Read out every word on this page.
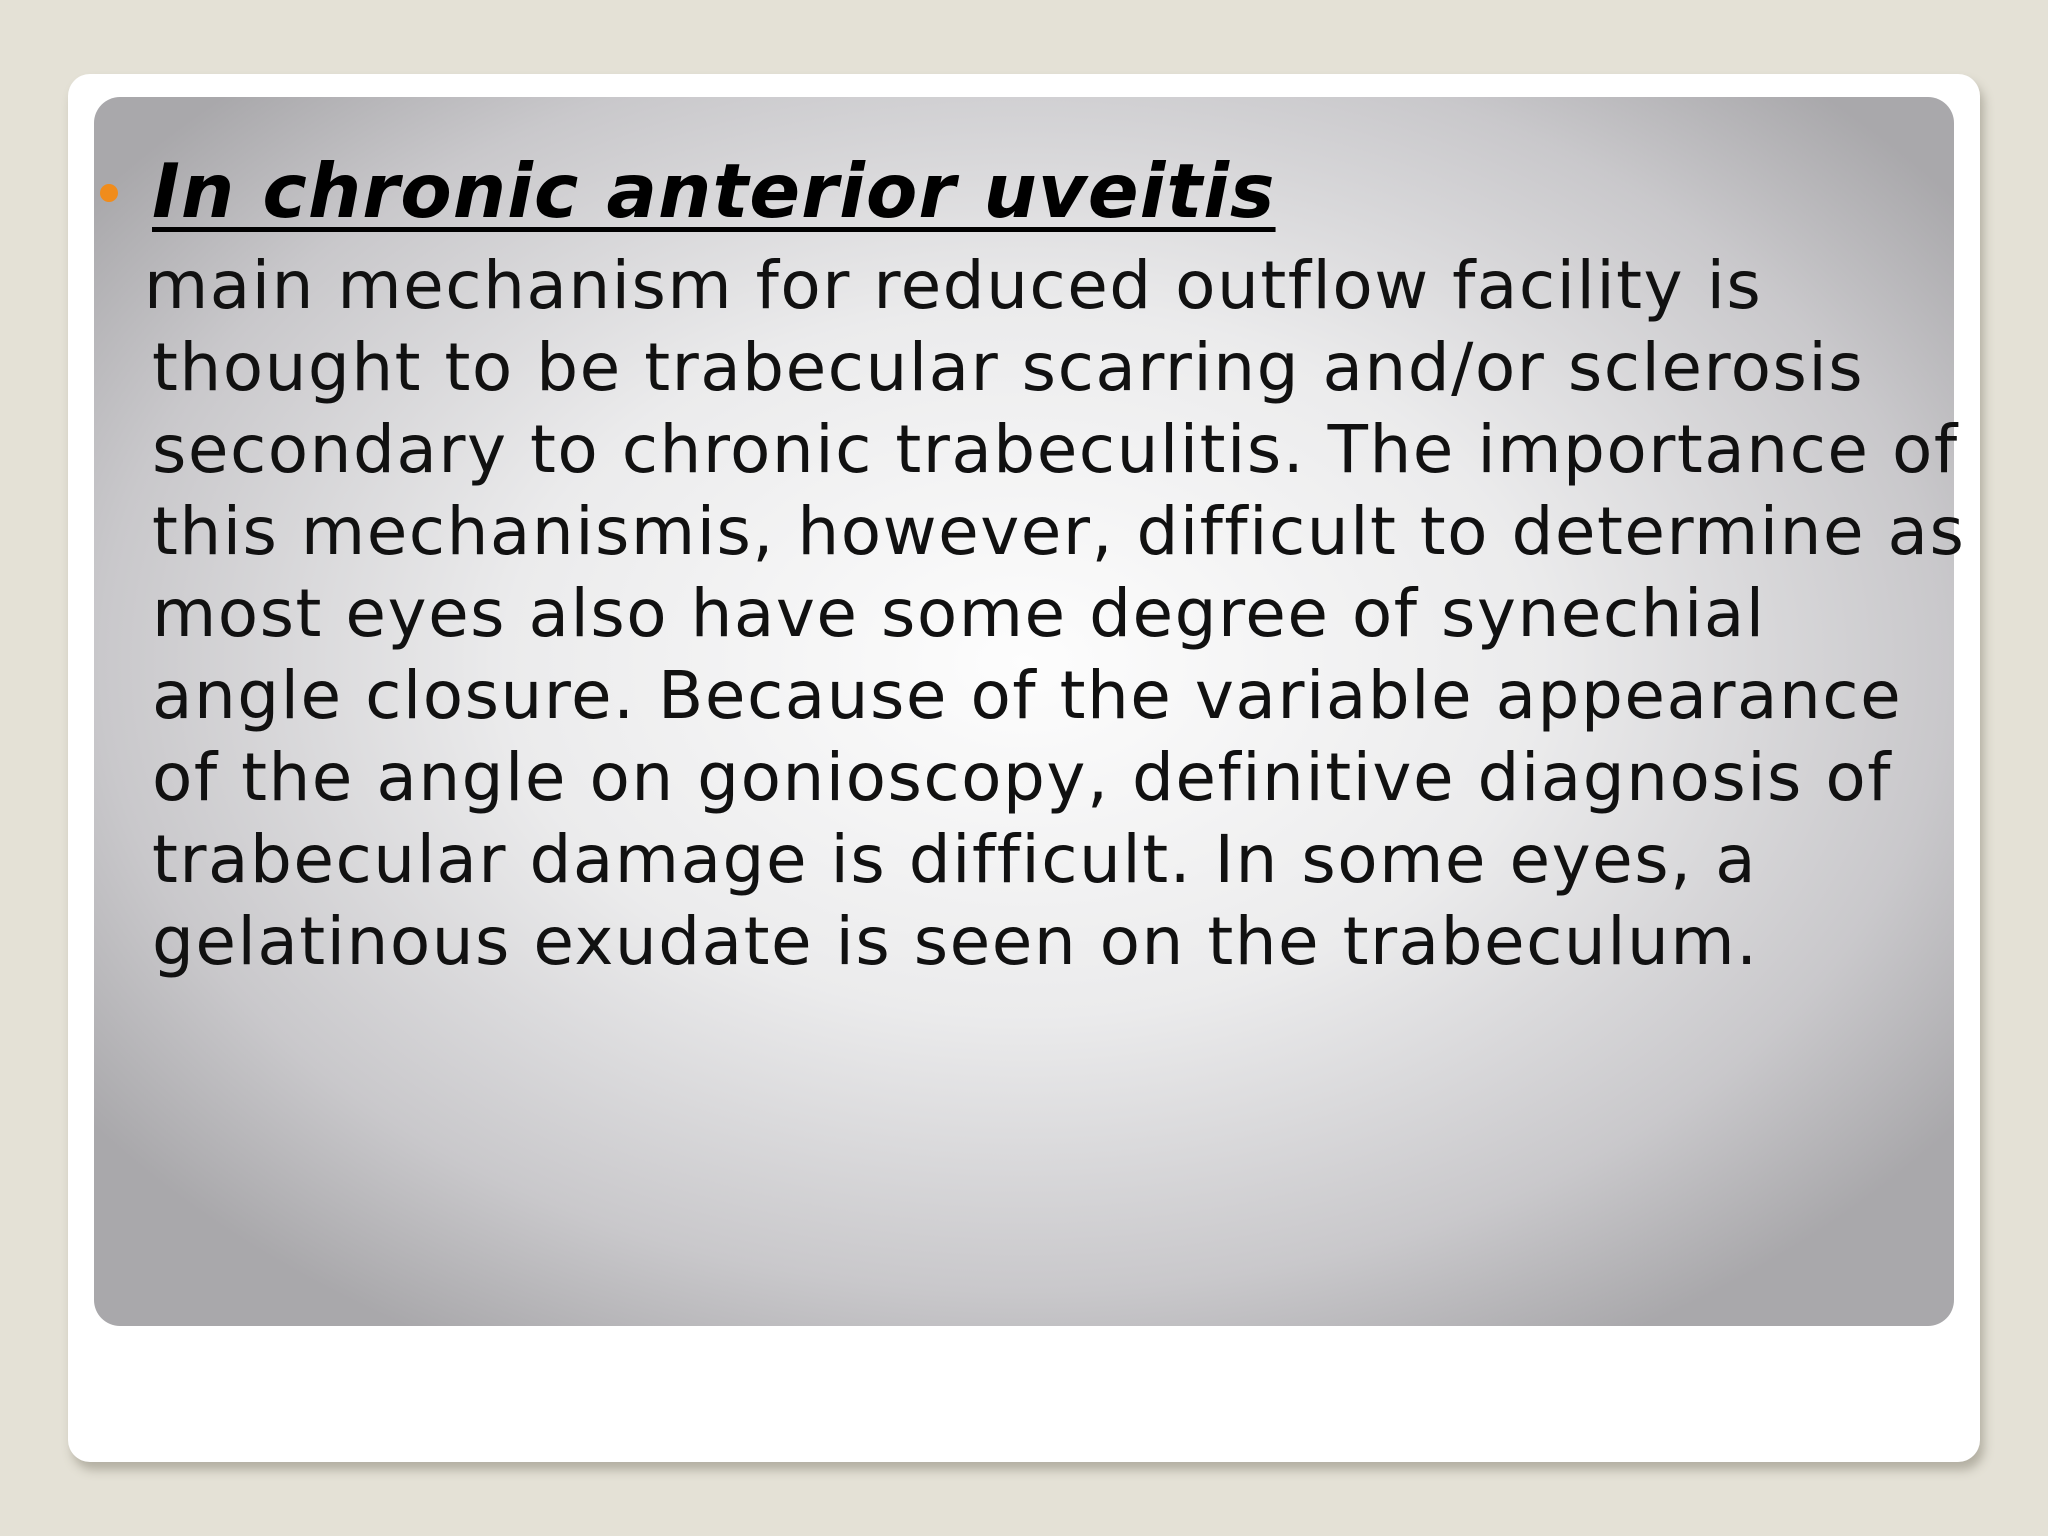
In chronic anterior uveitis
main mechanism for reduced outflow facility is
thought to be trabecular scarring and/or sclerosis
secondary to chronic trabeculitis. The importance of
this mechanismis, however, difficult to determine as
most eyes also have some degree of synechial
angle closure. Because of the variable appearance
of the angle on gonioscopy, definitive diagnosis of
trabecular damage is difficult. In some eyes, a
gelatinous exudate is seen on the trabeculum.
